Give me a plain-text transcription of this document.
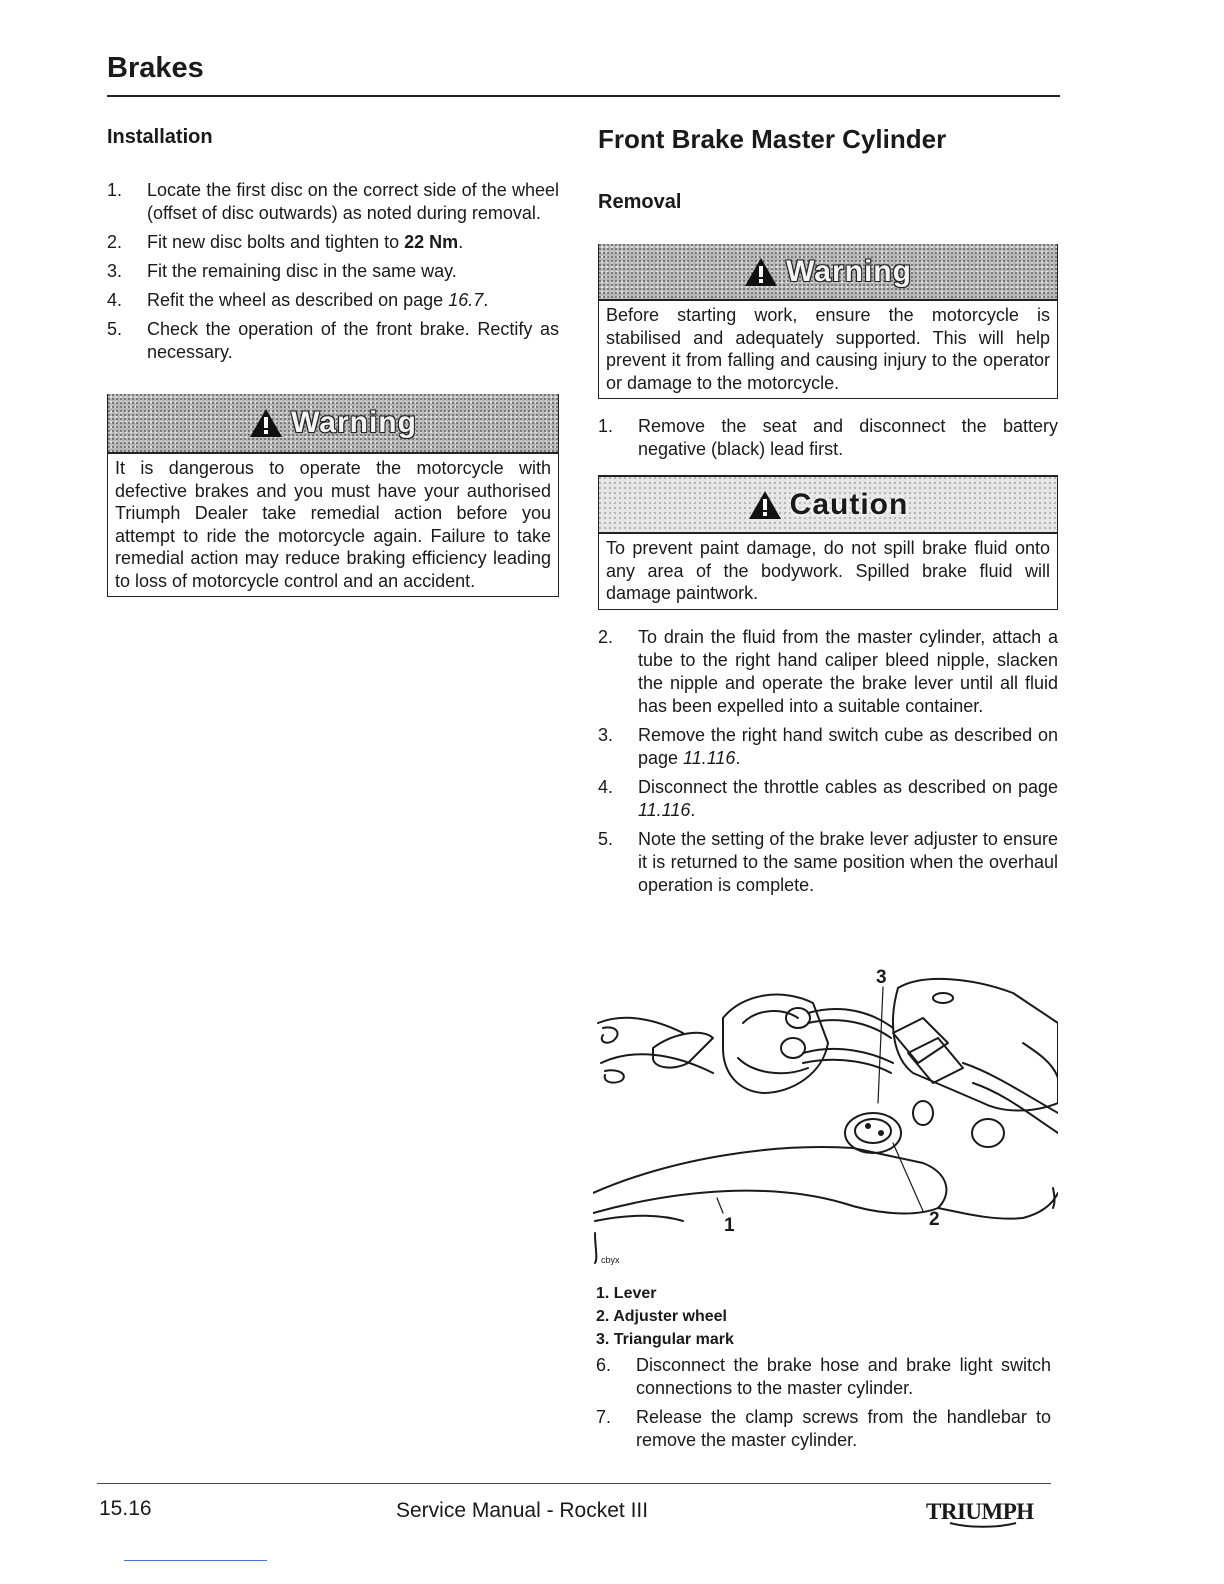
Brakes
Installation
1. Locate the first disc on the correct side of the wheel (offset of disc outwards) as noted during removal.
2. Fit new disc bolts and tighten to 22 Nm.
3. Fit the remaining disc in the same way.
4. Refit the wheel as described on page 16.7.
5. Check the operation of the front brake. Rectify as necessary.
Warning
It is dangerous to operate the motorcycle with defective brakes and you must have your authorised Triumph Dealer take remedial action before you attempt to ride the motorcycle again. Failure to take remedial action may reduce braking efficiency leading to loss of motorcycle control and an accident.
Front Brake Master Cylinder
Removal
Warning
Before starting work, ensure the motorcycle is stabilised and adequately supported. This will help prevent it from falling and causing injury to the operator or damage to the motorcycle.
1. Remove the seat and disconnect the battery negative (black) lead first.
Caution
To prevent paint damage, do not spill brake fluid onto any area of the bodywork. Spilled brake fluid will damage paintwork.
2. To drain the fluid from the master cylinder, attach a tube to the right hand caliper bleed nipple, slacken the nipple and operate the brake lever until all fluid has been expelled into a suitable container.
3. Remove the right hand switch cube as described on page 11.116.
4. Disconnect the throttle cables as described on page 11.116.
5. Note the setting of the brake lever adjuster to ensure it is returned to the same position when the overhaul operation is complete.
3
1	2
cbyx
1. Lever
2. Adjuster wheel
3. Triangular mark
6. Disconnect the brake hose and brake light switch connections to the master cylinder.
7. Release the clamp screws from the handlebar to remove the master cylinder.
15.16	Service Manual - Rocket III	TRIUMPH
